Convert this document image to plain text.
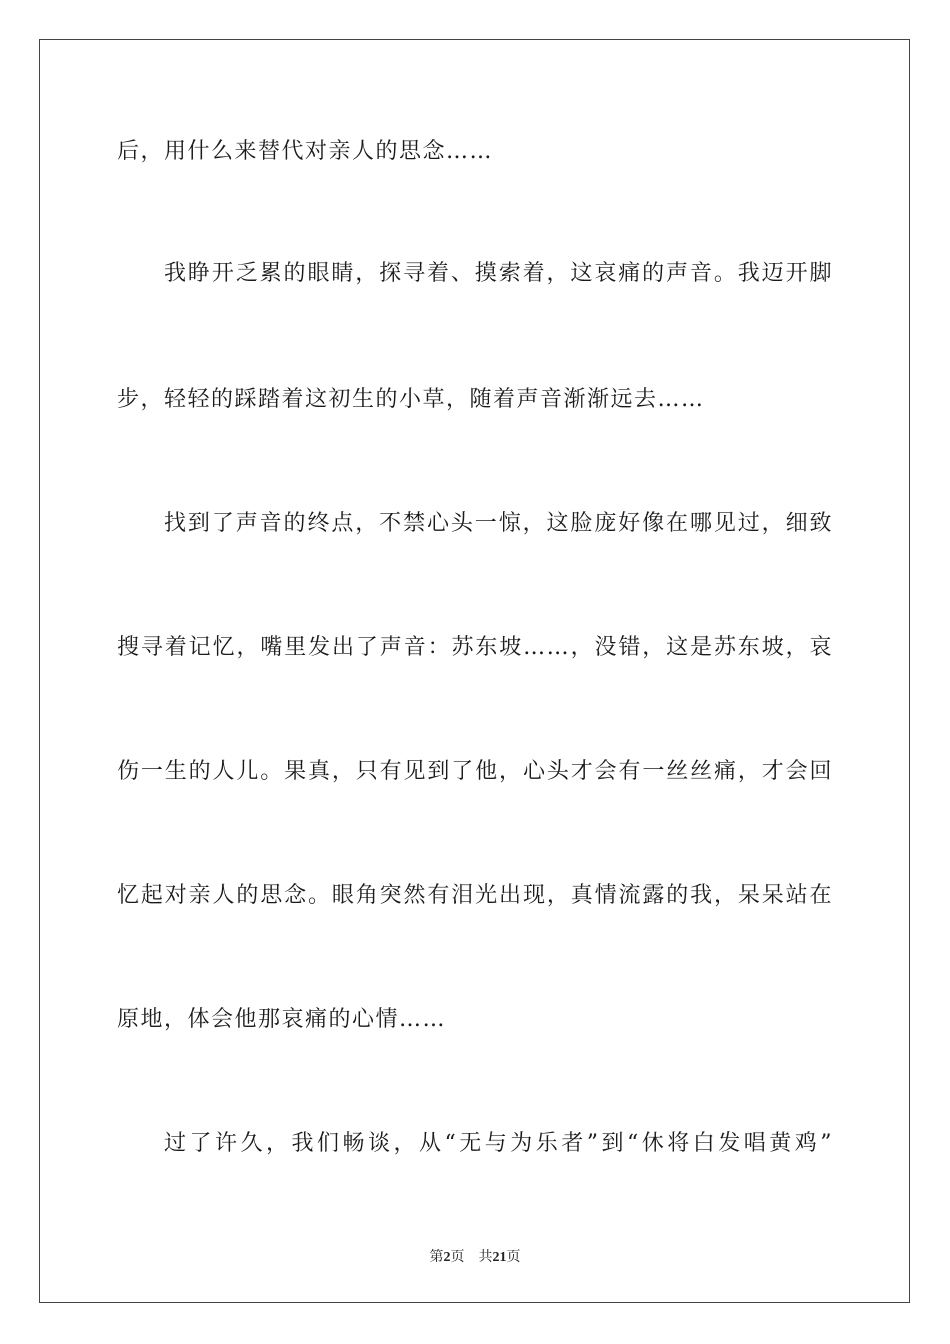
后，用什么来替代对亲人的思念……
我睁开乏累的眼睛，探寻着、摸索着，这哀痛的声音。我迈开脚
步，轻轻的踩踏着这初生的小草，随着声音渐渐远去……
找到了声音的终点，不禁心头一惊，这脸庞好像在哪见过，细致
搜寻着记忆，嘴里发出了声音：苏东坡……，没错，这是苏东坡，哀
伤一生的人儿。果真，只有见到了他，心头才会有一丝丝痛，才会回
忆起对亲人的思念。眼角突然有泪光出现，真情流露的我，呆呆站在
原地，体会他那哀痛的心情……
过了许久，我们畅谈，从“无与为乐者”到“休将白发唱黄鸡”
第2页 共21页
